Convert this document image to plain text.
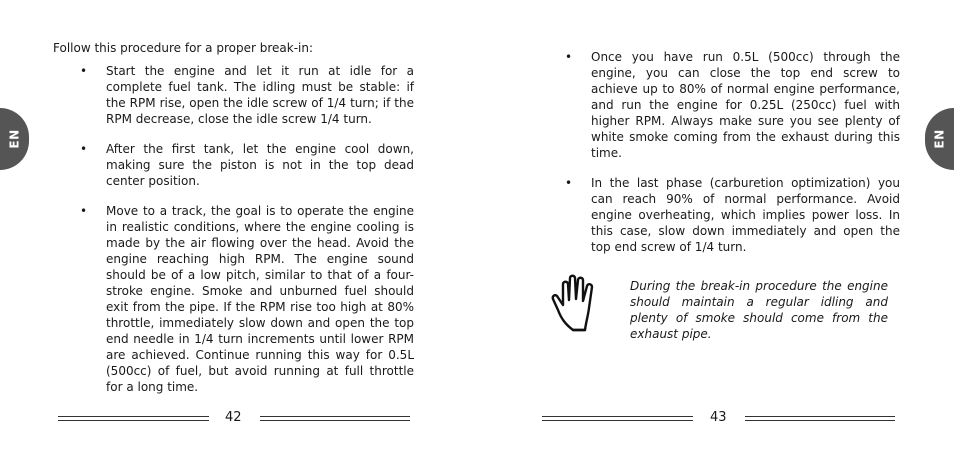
EN
Follow this procedure for a proper break-in:
• Start the engine and let it run at idle for a complete fuel tank. The idling must be stable: if the RPM rise, open the idle screw of 1/4 turn; if the RPM decrease, close the idle screw 1/4 turn.
• After the first tank, let the engine cool down, making sure the piston is not in the top dead center position.
• Move to a track, the goal is to operate the engine in realistic conditions, where the engine cooling is made by the air flowing over the head. Avoid the engine reaching high RPM. The engine sound should be of a low pitch, similar to that of a four-stroke engine. Smoke and unburned fuel should exit from the pipe. If the RPM rise too high at 80% throttle, immediately slow down and open the top end needle in 1/4 turn increments until lower RPM are achieved. Continue running this way for 0.5L (500cc) of fuel, but avoid running at full throttle for a long time.
42
• Once you have run 0.5L (500cc) through the engine, you can close the top end screw to achieve up to 80% of normal engine performance, and run the engine for 0.25L (250cc) fuel with higher RPM. Always make sure you see plenty of white smoke coming from the exhaust during this time.
• In the last phase (carburetion optimization) you can reach 90% of normal performance. Avoid engine overheating, which implies power loss. In this case, slow down immediately and open the top end screw of 1/4 turn.
During the break-in procedure the engine should maintain a regular idling and plenty of smoke should come from the exhaust pipe.
EN
43
